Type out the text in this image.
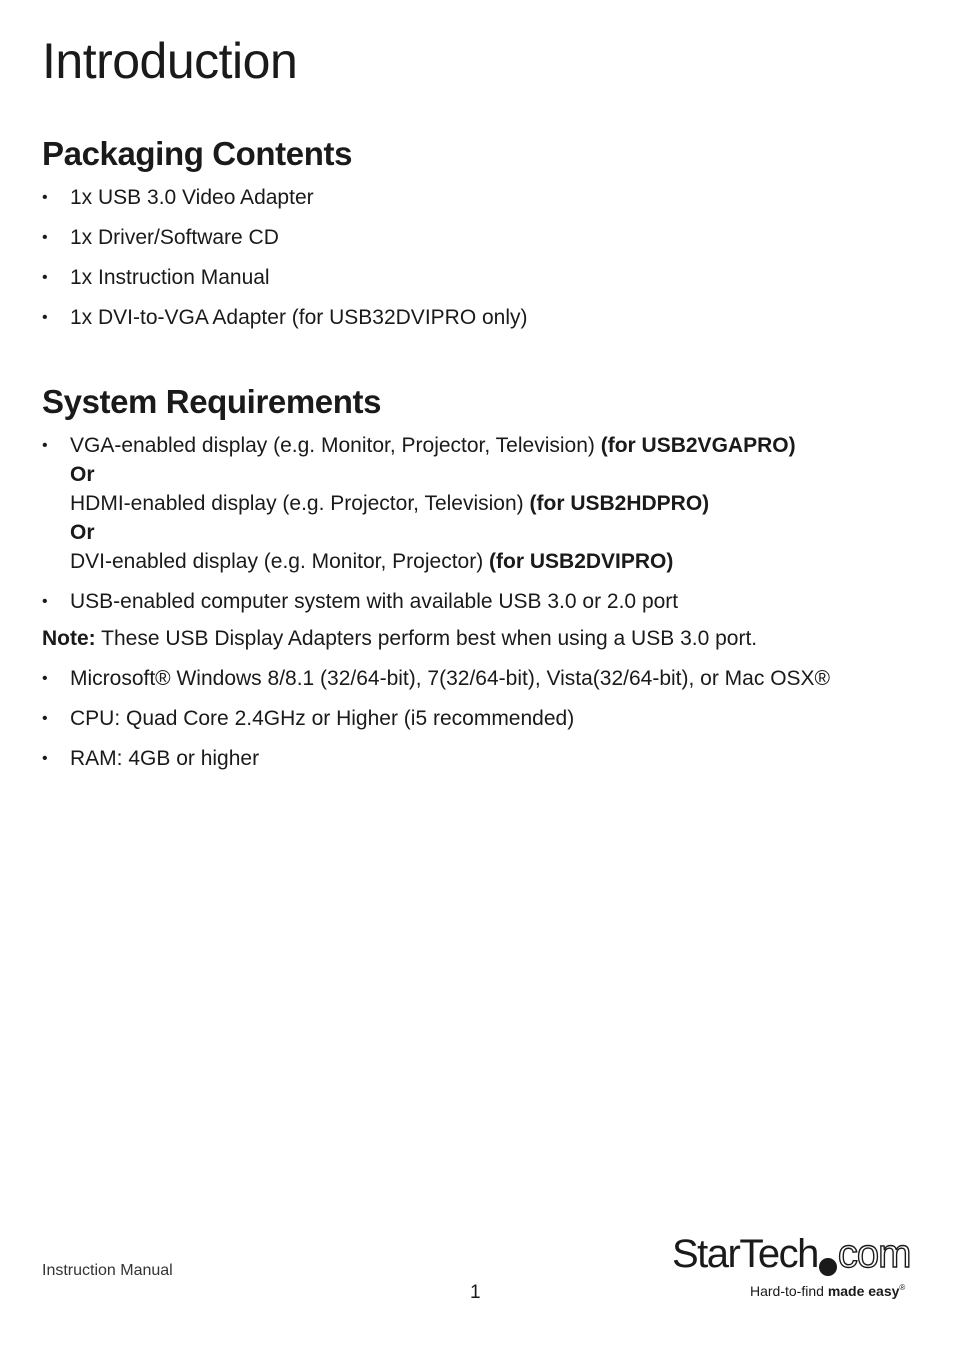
Introduction
Packaging Contents
• 1x USB 3.0 Video Adapter
• 1x Driver/Software CD
• 1x Instruction Manual
• 1x DVI-to-VGA Adapter (for USB32DVIPRO only)
System Requirements
• VGA-enabled display (e.g. Monitor, Projector, Television) (for USB2VGAPRO)
Or
HDMI-enabled display (e.g. Projector, Television) (for USB2HDPRO)
Or
DVI-enabled display (e.g. Monitor, Projector) (for USB2DVIPRO)
• USB-enabled computer system with available USB 3.0 or 2.0 port

Note: These USB Display Adapters perform best when using a USB 3.0 port.

• Microsoft® Windows 8/8.1 (32/64-bit), 7(32/64-bit), Vista(32/64-bit), or Mac OSX®
• CPU: Quad Core 2.4GHz or Higher (i5 recommended)
• RAM: 4GB or higher
Instruction Manual
1
StarTech com
Hard-to-find made easy®
